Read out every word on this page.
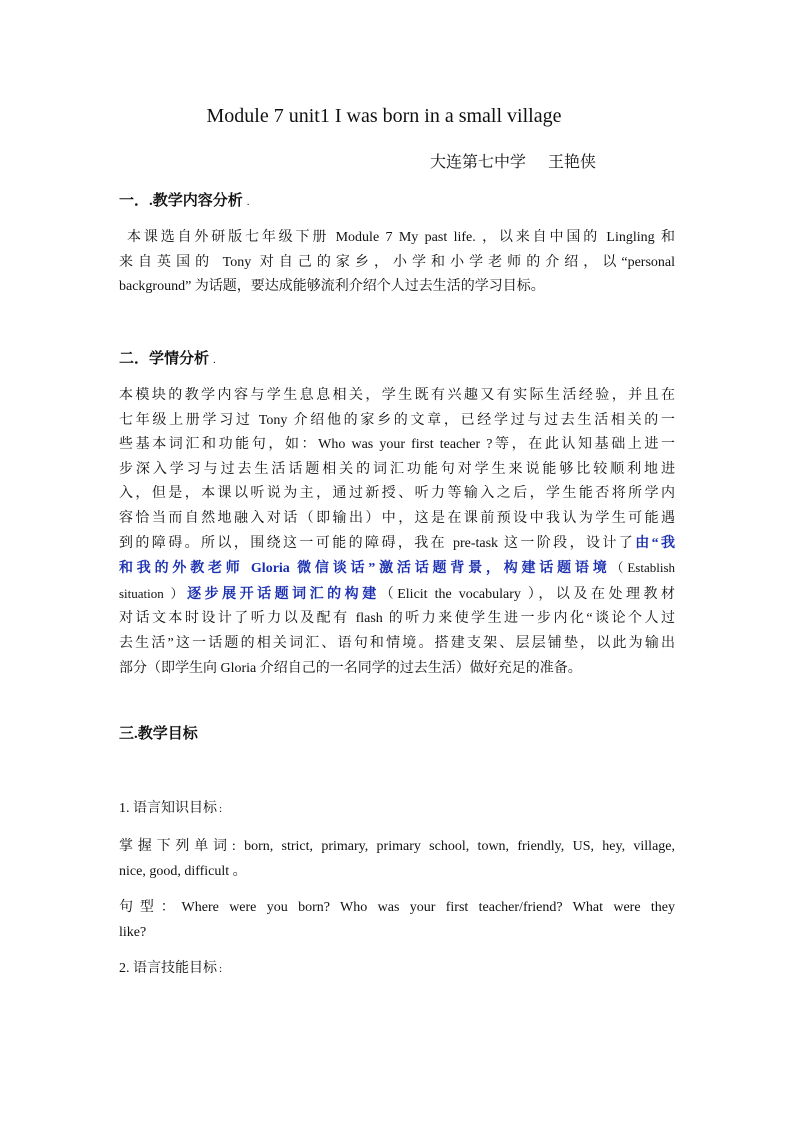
Module 7 unit1 I was born in a small village
大连第七中学 王艳侠
一．.教学内容分析 .
本课选自外研版七年级下册 Module 7 My past life. ，以来自中国的 Lingling 和
来自英国的 Tony 对自己的家乡，小学和小学老师的介绍，以“personal
background” 为话题，要达成能够流利介绍个人过去生活的学习目标。
二．学情分析 .
本模块的教学内容与学生息息相关，学生既有兴趣又有实际生活经验，并且在
七年级上册学习过 Tony 介绍他的家乡的文章，已经学过与过去生活相关的一
些基本词汇和功能句，如：Who was your first teacher ?等，在此认知基础上进一
步深入学习与过去生活话题相关的词汇功能句对学生来说能够比较顺利地进
入，但是，本课以听说为主，通过新授、听力等输入之后，学生能否将所学内
容恰当而自然地融入对话（即输出）中，这是在课前预设中我认为学生可能遇
到的障碍。所以，围绕这一可能的障碍，我在 pre-task 这一阶段，设计了由“我
和我的外教老师 Gloria 微信谈话”激活话题背景，构建话题语境（Establish
situation ）逐步展开话题词汇的构建（Elicit the vocabulary ），以及在处理教材
对话文本时设计了听力以及配有 flash 的听力来使学生进一步内化“谈论个人过
去生活”这一话题的相关词汇、语句和情境。搭建支架、层层铺垫，以此为输出
部分（即学生向 Gloria 介绍自己的一名同学的过去生活）做好充足的准备。
三.教学目标
1. 语言知识目标 :
掌握下列单词: born, strict, primary, primary school, town, friendly, US, hey, village,
nice, good, difficult 。
句型：Where were you born? Who was your first teacher/friend? What were they
like?
2. 语言技能目标 :
